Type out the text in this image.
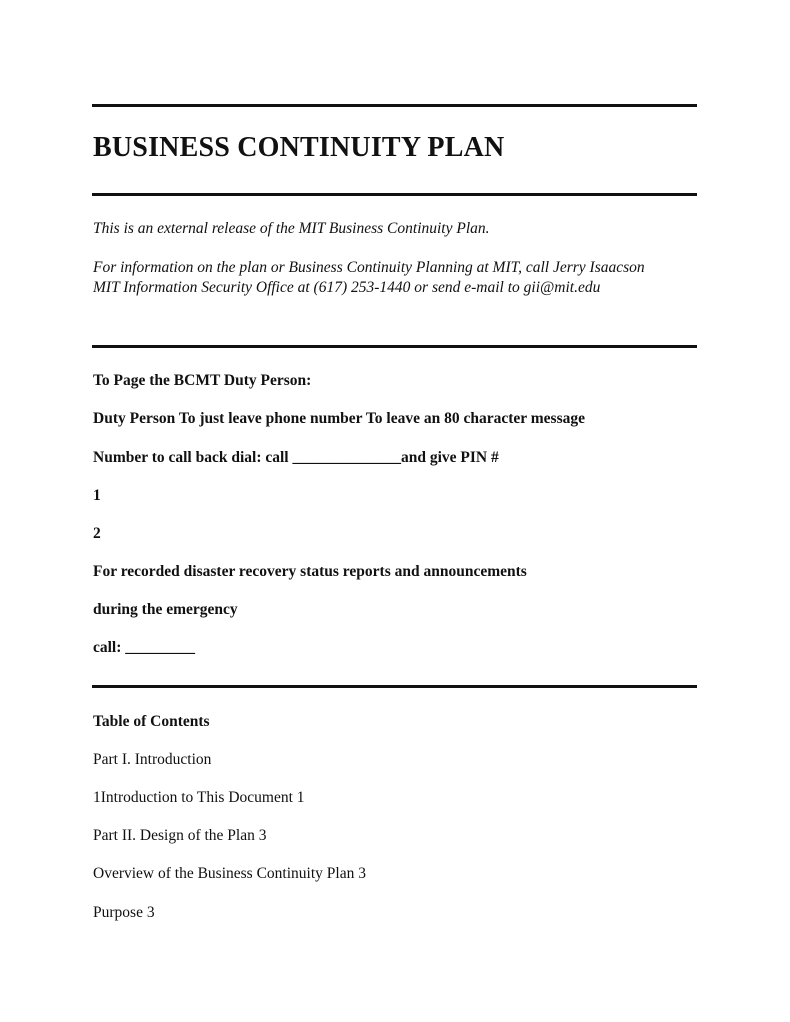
BUSINESS CONTINUITY PLAN

This is an external release of the MIT Business Continuity Plan.

For information on the plan or Business Continuity Planning at MIT, call Jerry Isaacson MIT Information Security Office at (617) 253-1440 or send e-mail to gii@mit.edu

To Page the BCMT Duty Person:

Duty Person To just leave phone number To leave an 80 character message

Number to call back dial: call ______________and give PIN #

1

2

For recorded disaster recovery status reports and announcements

during the emergency

call: _________

Table of Contents

Part I. Introduction

1Introduction to This Document 1

Part II. Design of the Plan 3

Overview of the Business Continuity Plan 3

Purpose 3
